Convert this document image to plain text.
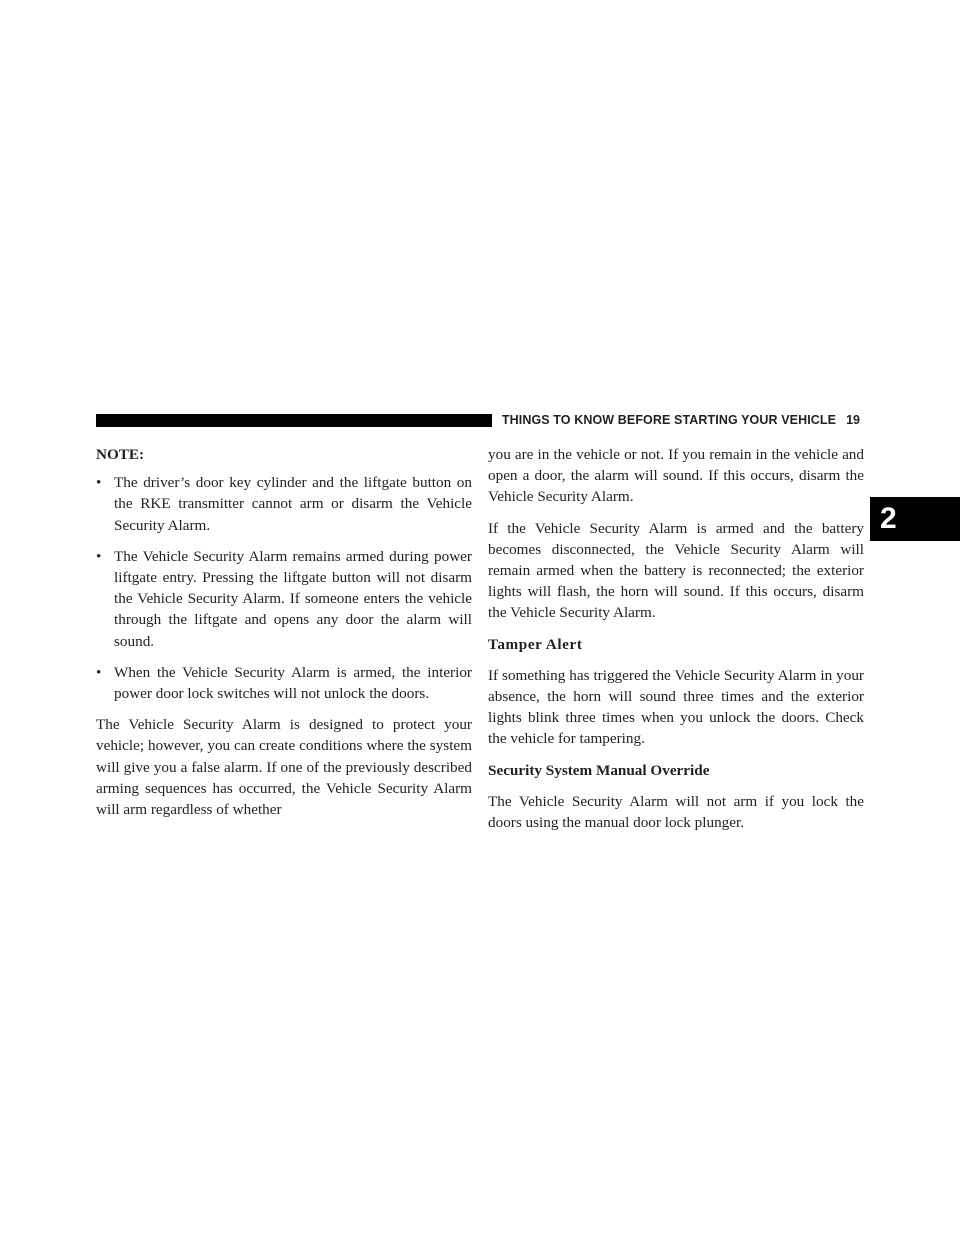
THINGS TO KNOW BEFORE STARTING YOUR VEHICLE 19
2
NOTE:
• The driver’s door key cylinder and the liftgate button on the RKE transmitter cannot arm or disarm the Vehicle Security Alarm.
• The Vehicle Security Alarm remains armed during power liftgate entry. Pressing the liftgate button will not disarm the Vehicle Security Alarm. If someone enters the vehicle through the liftgate and opens any door the alarm will sound.
• When the Vehicle Security Alarm is armed, the interior power door lock switches will not unlock the doors.

The Vehicle Security Alarm is designed to protect your vehicle; however, you can create conditions where the system will give you a false alarm. If one of the previously described arming sequences has occurred, the Vehicle Security Alarm will arm regardless of whether

you are in the vehicle or not. If you remain in the vehicle and open a door, the alarm will sound. If this occurs, disarm the Vehicle Security Alarm.

If the Vehicle Security Alarm is armed and the battery becomes disconnected, the Vehicle Security Alarm will remain armed when the battery is reconnected; the exterior lights will flash, the horn will sound. If this occurs, disarm the Vehicle Security Alarm.

Tamper Alert

If something has triggered the Vehicle Security Alarm in your absence, the horn will sound three times and the exterior lights blink three times when you unlock the doors. Check the vehicle for tampering.

Security System Manual Override

The Vehicle Security Alarm will not arm if you lock the doors using the manual door lock plunger.
